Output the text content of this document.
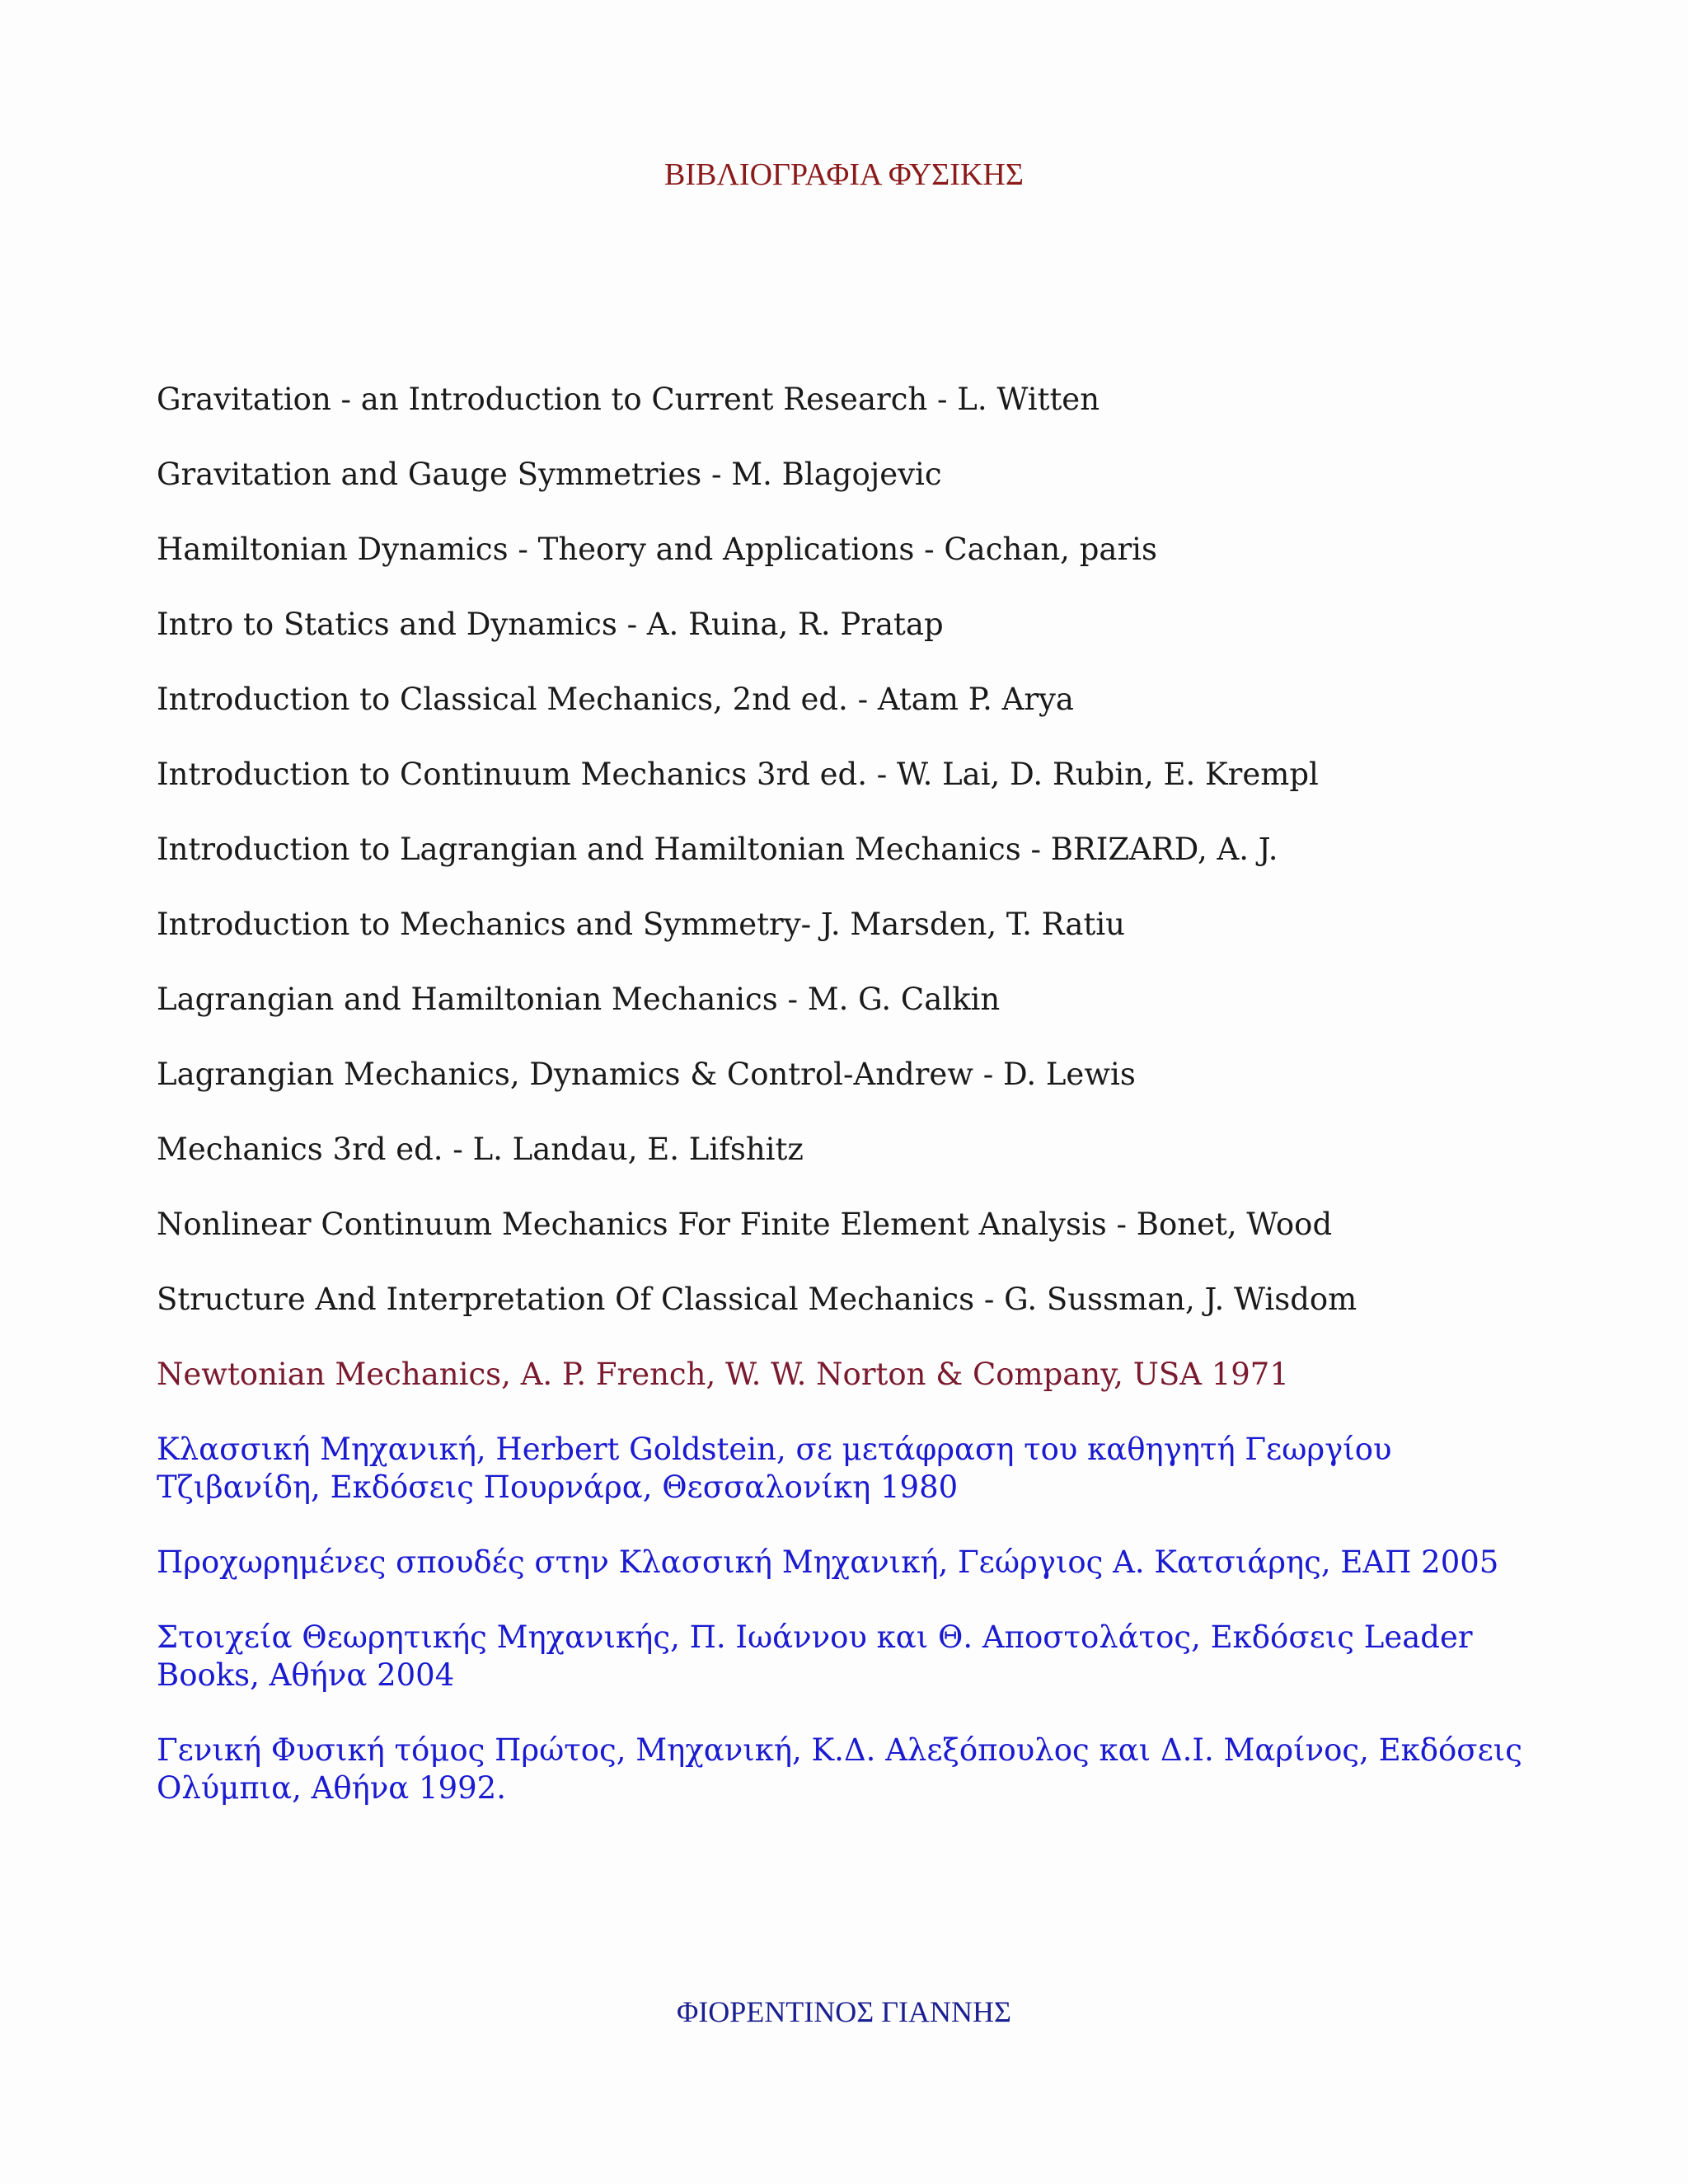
ΒΙΒΛΙΟΓΡΑΦΙΑ ΦΥΣΙΚΗΣ
Gravitation - an Introduction to Current Research - L. Witten
Gravitation and Gauge Symmetries - M. Blagojevic
Hamiltonian Dynamics - Theory and Applications - Cachan, paris
Intro to Statics and Dynamics - A. Ruina, R. Pratap
Introduction to Classical Mechanics, 2nd ed. - Atam P. Arya
Introduction to Continuum Mechanics 3rd ed. - W. Lai, D. Rubin, E. Krempl
Introduction to Lagrangian and Hamiltonian Mechanics - BRIZARD, A. J.
Introduction to Mechanics and Symmetry- J. Marsden, T. Ratiu
Lagrangian and Hamiltonian Mechanics - M. G. Calkin
Lagrangian Mechanics, Dynamics & Control-Andrew - D. Lewis
Mechanics 3rd ed. - L. Landau, E. Lifshitz
Nonlinear Continuum Mechanics For Finite Element Analysis - Bonet, Wood
Structure And Interpretation Of Classical Mechanics - G. Sussman, J. Wisdom
Newtonian Mechanics, A. P. French, W. W. Norton & Company, USA 1971
Κλασσική Μηχανική, Herbert Goldstein, σε μετάφραση του καθηγητή Γεωργίου Τζιβανίδη, Εκδόσεις Πουρνάρα, Θεσσαλονίκη 1980
Προχωρημένες σπουδές στην Κλασσική Μηχανική, Γεώργιος Α. Κατσιάρης, ΕΑΠ 2005
Στοιχεία Θεωρητικής Μηχανικής, Π. Ιωάννου και Θ. Αποστολάτος, Εκδόσεις Leader Books, Αθήνα 2004
Γενική Φυσική τόμος Πρώτος, Μηχανική, Κ.Δ. Αλεξόπουλος και Δ.Ι. Μαρίνος, Εκδόσεις Ολύμπια, Αθήνα 1992.

ΦΙΟΡΕΝΤΙΝΟΣ ΓΙΑΝΝΗΣ
